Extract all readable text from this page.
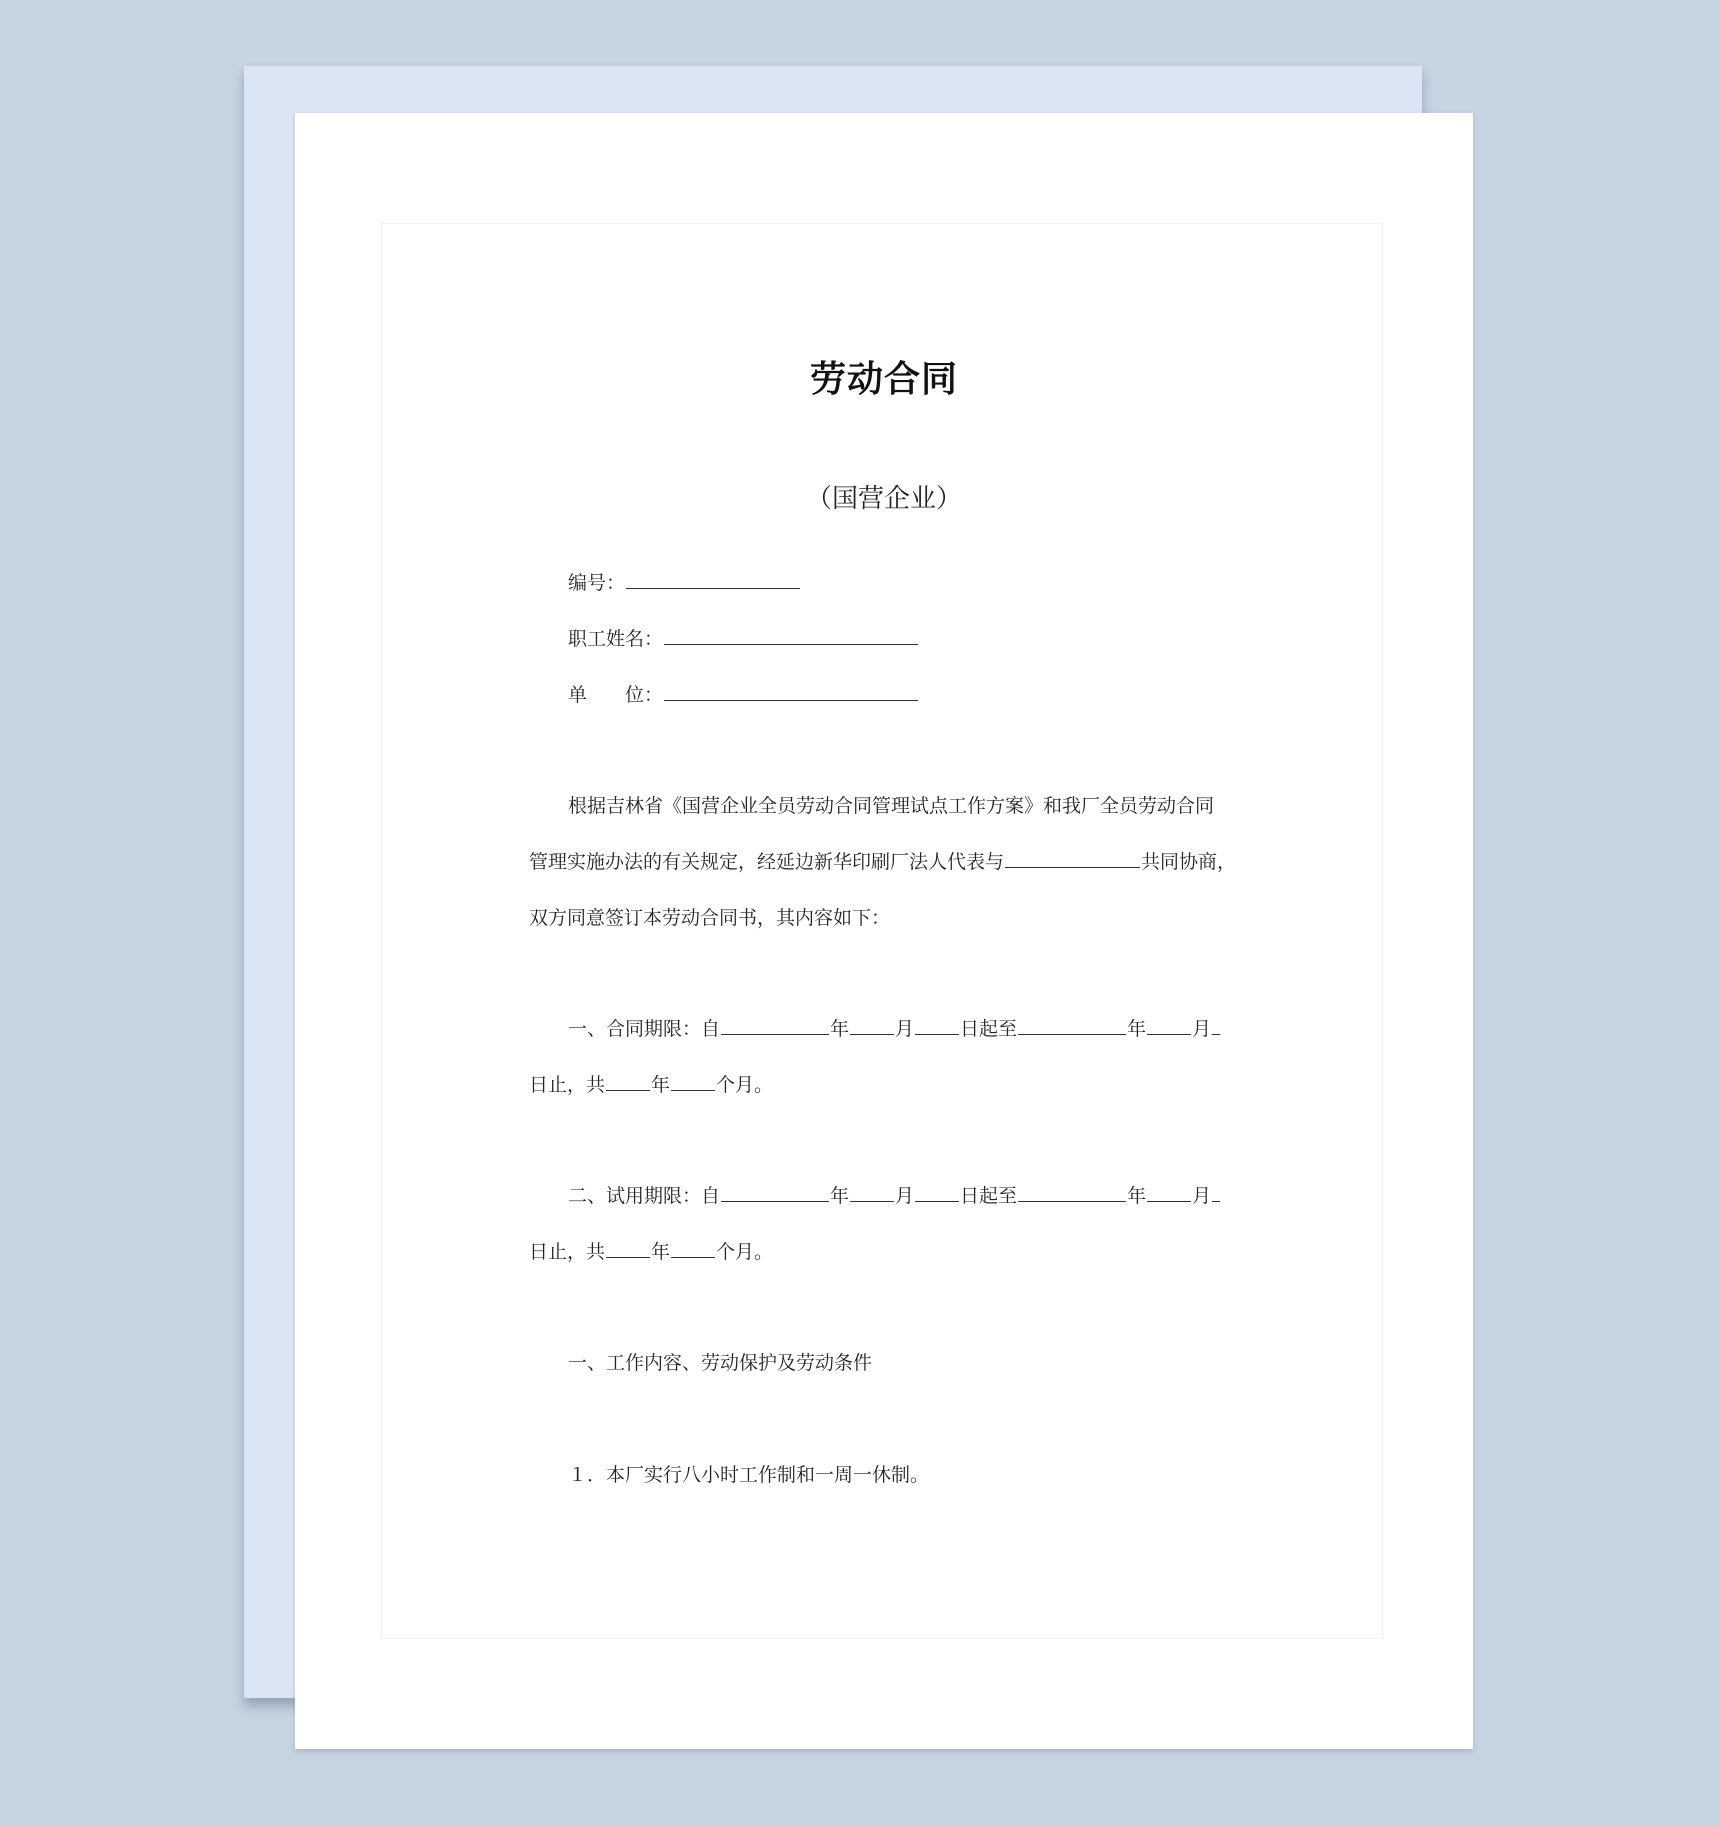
劳动合同
（国营企业）
编号：
职工姓名：
单　　位：
根据吉林省《国营企业全员劳动合同管理试点工作方案》和我厂全员劳动合同
管理实施办法的有关规定，经延边新华印刷厂法人代表与	共同协商，
双方同意签订本劳动合同书，其内容如下：
一、合同期限：自	年 月 日起至	年 月
日止，共 年 个月。
二、试用期限：自	年 月 日起至	年 月
日止，共 年 个月。
一、工作内容、劳动保护及劳动条件
１．本厂实行八小时工作制和一周一休制。
